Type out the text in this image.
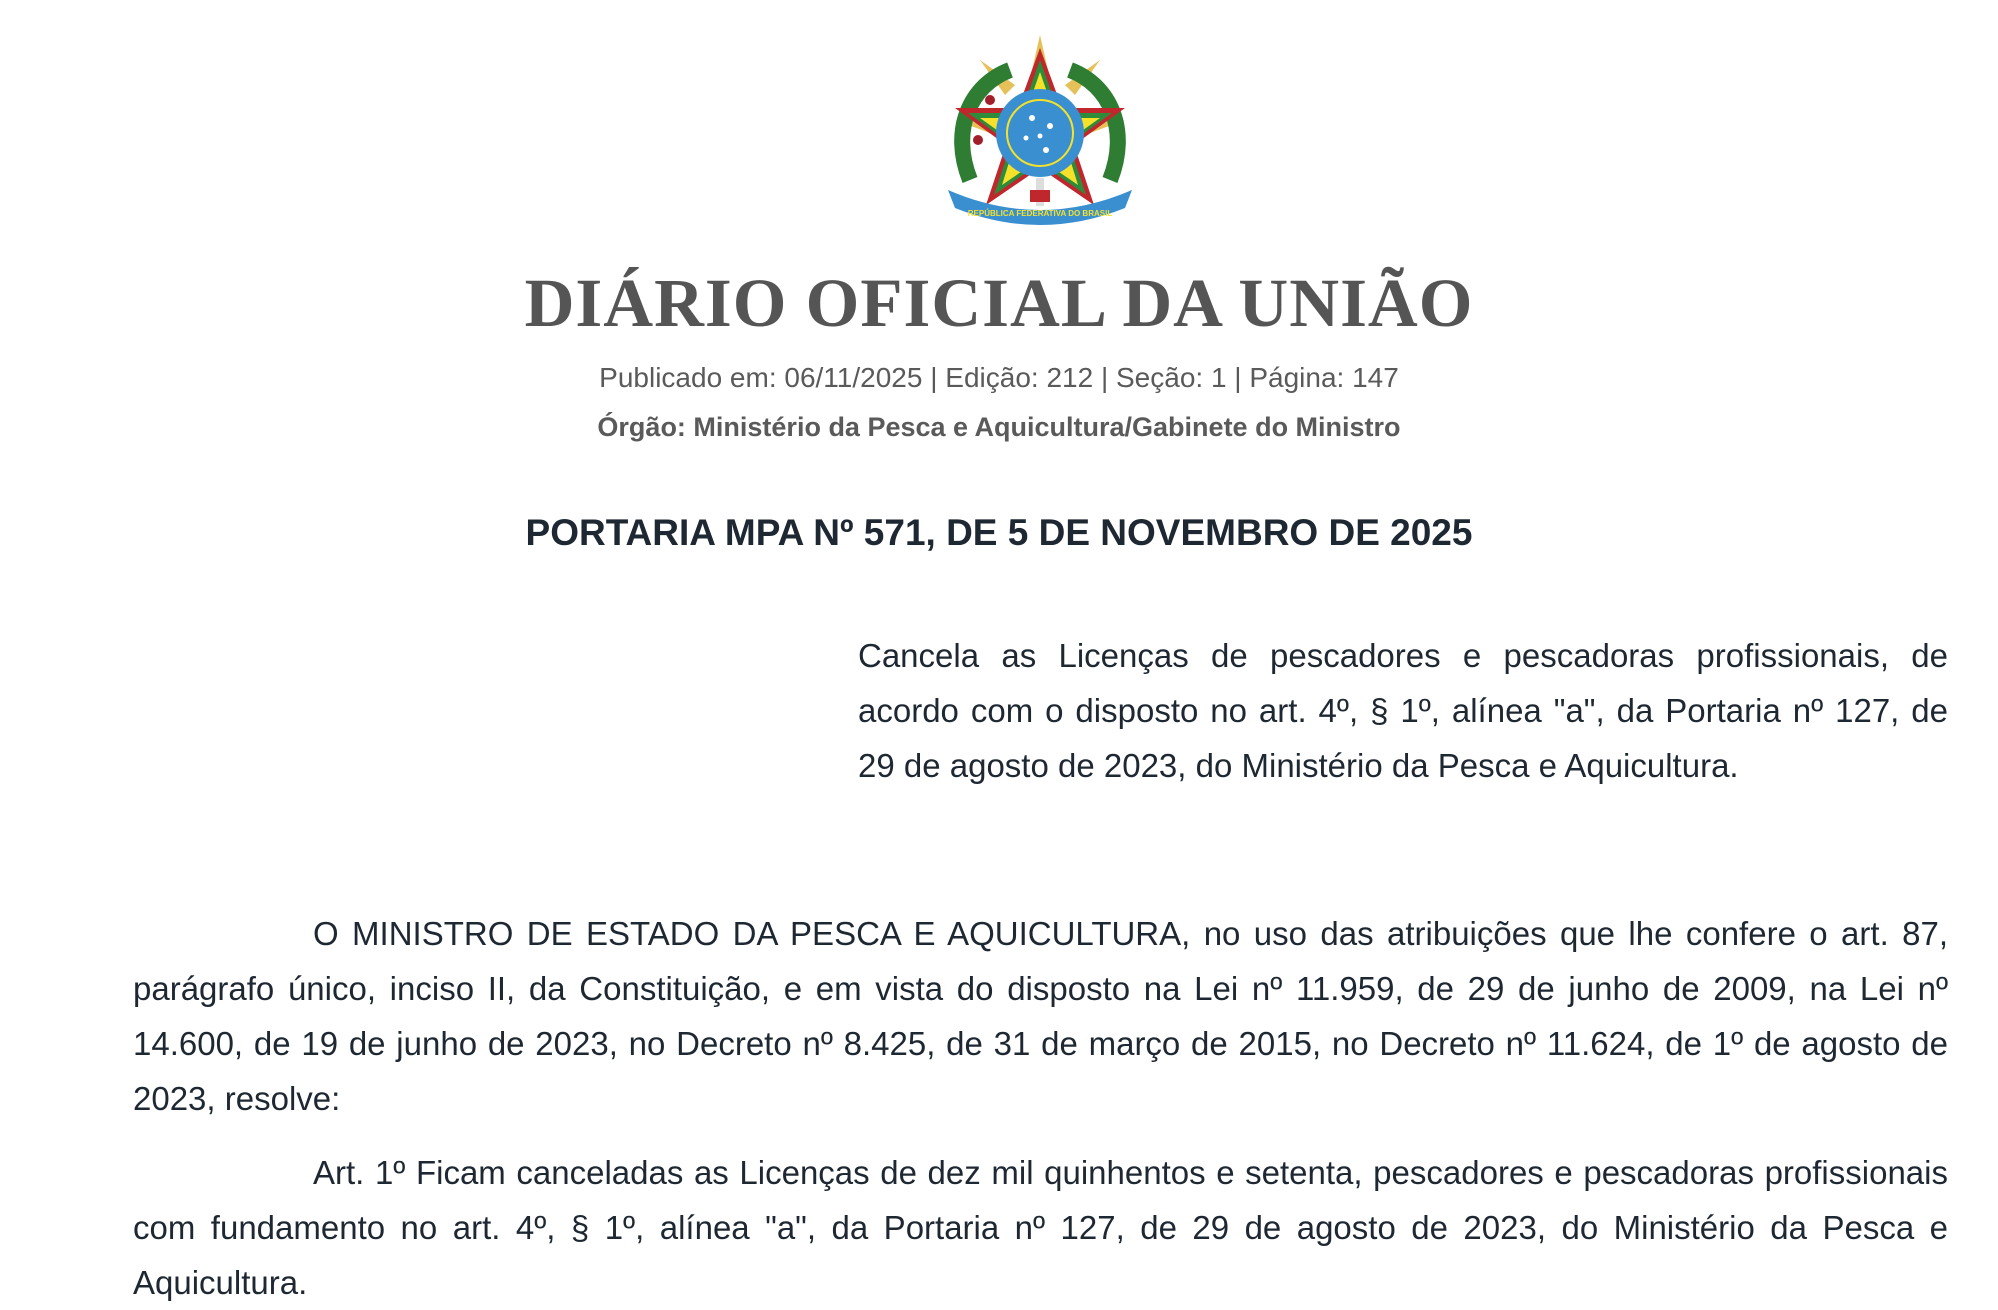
REPÚBLICA FEDERATIVA DO BRASIL
DIÁRIO OFICIAL DA UNIÃO
Publicado em: 06/11/2025 | Edição: 212 | Seção: 1 | Página: 147
Órgão: Ministério da Pesca e Aquicultura/Gabinete do Ministro
PORTARIA MPA Nº 571, DE 5 DE NOVEMBRO DE 2025
Cancela as Licenças de pescadores e pescadoras profissionais, de acordo com o disposto no art. 4º, § 1º, alínea "a", da Portaria nº 127, de 29 de agosto de 2023, do Ministério da Pesca e Aquicultura.
O MINISTRO DE ESTADO DA PESCA E AQUICULTURA, no uso das atribuições que lhe confere o art. 87, parágrafo único, inciso II, da Constituição, e em vista do disposto na Lei nº 11.959, de 29 de junho de 2009, na Lei nº 14.600, de 19 de junho de 2023, no Decreto nº 8.425, de 31 de março de 2015, no Decreto nº 11.624, de 1º de agosto de 2023, resolve:
Art. 1º Ficam canceladas as Licenças de dez mil quinhentos e setenta, pescadores e pescadoras profissionais com fundamento no art. 4º, § 1º, alínea "a", da Portaria nº 127, de 29 de agosto de 2023, do Ministério da Pesca e Aquicultura.
